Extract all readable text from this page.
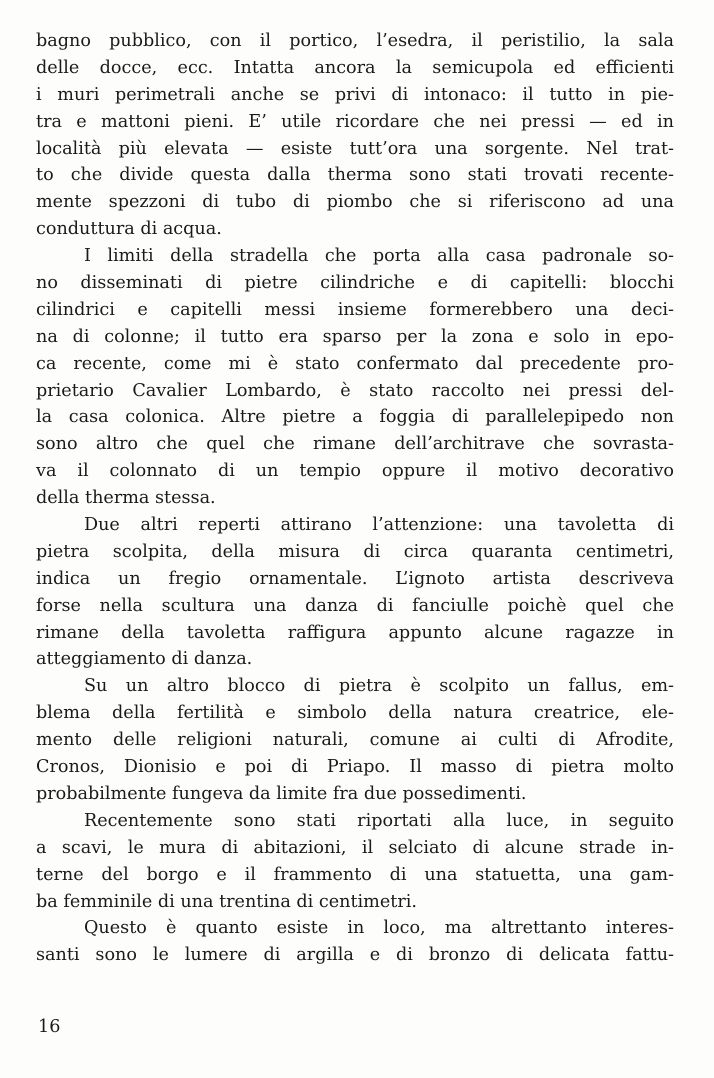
bagno pubblico, con il portico, l’esedra, il peristilio, la sala
delle docce, ecc. Intatta ancora la semicupola ed efficienti
i muri perimetrali anche se privi di intonaco: il tutto in pie-
tra e mattoni pieni. E’ utile ricordare che nei pressi — ed in
località più elevata — esiste tutt’ora una sorgente. Nel trat-
to che divide questa dalla therma sono stati trovati recente-
mente spezzoni di tubo di piombo che si riferiscono ad una
conduttura di acqua.
I limiti della stradella che porta alla casa padronale so-
no disseminati di pietre cilindriche e di capitelli: blocchi
cilindrici e capitelli messi insieme formerebbero una deci-
na di colonne; il tutto era sparso per la zona e solo in epo-
ca recente, come mi è stato confermato dal precedente pro-
prietario Cavalier Lombardo, è stato raccolto nei pressi del-
la casa colonica. Altre pietre a foggia di parallelepipedo non
sono altro che quel che rimane dell’architrave che sovrasta-
va il colonnato di un tempio oppure il motivo decorativo
della therma stessa.
Due altri reperti attirano l’attenzione: una tavoletta di
pietra scolpita, della misura di circa quaranta centimetri,
indica un fregio ornamentale. L’ignoto artista descriveva
forse nella scultura una danza di fanciulle poichè quel che
rimane della tavoletta raffigura appunto alcune ragazze in
atteggiamento di danza.
Su un altro blocco di pietra è scolpito un fallus, em-
blema della fertilità e simbolo della natura creatrice, ele-
mento delle religioni naturali, comune ai culti di Afrodite,
Cronos, Dionisio e poi di Priapo. Il masso di pietra molto
probabilmente fungeva da limite fra due possedimenti.
Recentemente sono stati riportati alla luce, in seguito
a scavi, le mura di abitazioni, il selciato di alcune strade in-
terne del borgo e il frammento di una statuetta, una gam-
ba femminile di una trentina di centimetri.
Questo è quanto esiste in loco, ma altrettanto interes-
santi sono le lumere di argilla e di bronzo di delicata fattu-
16
